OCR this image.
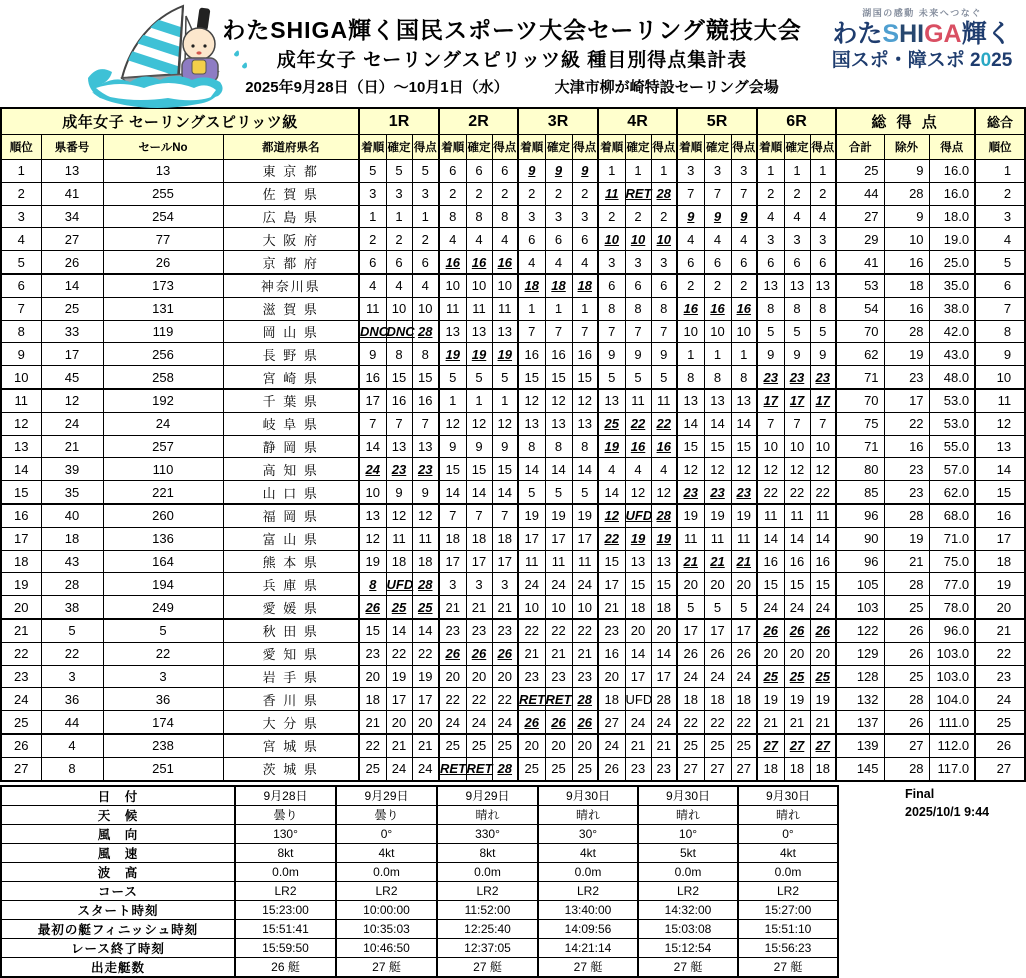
わたSHIGA輝く国民スポーツ大会セーリング競技大会
成年女子 セーリングスピリッツ級 種目別得点集計表
2025年9月28日（日）～10月1日（水）	大津市柳が崎特設セーリング会場
湖国の感動 未来へつなぐ
わたSHIGA輝く
国スポ・障スポ 2025
成年女子 セーリングスピリッツ級				1R			2R			3R			4R			5R			6R			総 得 点			総合
順位	県番号	セールNo	都道府県名	着順	確定	得点	着順	確定	得点	着順	確定	得点	着順	確定	得点	着順	確定	得点	着順	確定	得点	合計	除外	得点	順位
1	13	13	東 京 都	5	5	5	6	6	6	9	9	9	1	1	1	3	3	3	1	1	1	25	9	16.0	1
2	41	255	佐 賀 県	3	3	3	2	2	2	2	2	2	11	RET	28	7	7	7	2	2	2	44	28	16.0	2
3	34	254	広 島 県	1	1	1	8	8	8	3	3	3	2	2	2	9	9	9	4	4	4	27	9	18.0	3
4	27	77	大 阪 府	2	2	2	4	4	4	6	6	6	10	10	10	4	4	4	3	3	3	29	10	19.0	4
5	26	26	京 都 府	6	6	6	16	16	16	4	4	4	3	3	3	6	6	6	6	6	6	41	16	25.0	5
6	14	173	神奈川県	4	4	4	10	10	10	18	18	18	6	6	6	2	2	2	13	13	13	53	18	35.0	6
7	25	131	滋 賀 県	11	10	10	11	11	11	1	1	1	8	8	8	16	16	16	8	8	8	54	16	38.0	7
8	33	119	岡 山 県	DNC	DNC	28	13	13	13	7	7	7	7	7	7	10	10	10	5	5	5	70	28	42.0	8
9	17	256	長 野 県	9	8	8	19	19	19	16	16	16	9	9	9	1	1	1	9	9	9	62	19	43.0	9
10	45	258	宮 崎 県	16	15	15	5	5	5	15	15	15	5	5	5	8	8	8	23	23	23	71	23	48.0	10
11	12	192	千 葉 県	17	16	16	1	1	1	12	12	12	13	11	11	13	13	13	17	17	17	70	17	53.0	11
12	24	24	岐 阜 県	7	7	7	12	12	12	13	13	13	25	22	22	14	14	14	7	7	7	75	22	53.0	12
13	21	257	静 岡 県	14	13	13	9	9	9	8	8	8	19	16	16	15	15	15	10	10	10	71	16	55.0	13
14	39	110	高 知 県	24	23	23	15	15	15	14	14	14	4	4	4	12	12	12	12	12	12	80	23	57.0	14
15	35	221	山 口 県	10	9	9	14	14	14	5	5	5	14	12	12	23	23	23	22	22	22	85	23	62.0	15
16	40	260	福 岡 県	13	12	12	7	7	7	19	19	19	12	UFD	28	19	19	19	11	11	11	96	28	68.0	16
17	18	136	富 山 県	12	11	11	18	18	18	17	17	17	22	19	19	11	11	11	14	14	14	90	19	71.0	17
18	43	164	熊 本 県	19	18	18	17	17	17	11	11	11	15	13	13	21	21	21	16	16	16	96	21	75.0	18
19	28	194	兵 庫 県	8	UFD	28	3	3	3	24	24	24	17	15	15	20	20	20	15	15	15	105	28	77.0	19
20	38	249	愛 媛 県	26	25	25	21	21	21	10	10	10	21	18	18	5	5	5	24	24	24	103	25	78.0	20
21	5	5	秋 田 県	15	14	14	23	23	23	22	22	22	23	20	20	17	17	17	26	26	26	122	26	96.0	21
22	22	22	愛 知 県	23	22	22	26	26	26	21	21	21	16	14	14	26	26	26	20	20	20	129	26	103.0	22
23	3	3	岩 手 県	20	19	19	20	20	20	23	23	23	20	17	17	24	24	24	25	25	25	128	25	103.0	23
24	36	36	香 川 県	18	17	17	22	22	22	RET	RET	28	18	UFD	28	18	18	18	19	19	19	132	28	104.0	24
25	44	174	大 分 県	21	20	20	24	24	24	26	26	26	27	24	24	22	22	22	21	21	21	137	26	111.0	25
26	4	238	宮 城 県	22	21	21	25	25	25	20	20	20	24	21	21	25	25	25	27	27	27	139	27	112.0	26
27	8	251	茨 城 県	25	24	24	RET	RET	28	25	25	25	26	23	23	27	27	27	18	18	18	145	28	117.0	27
日　付	9月28日	9月29日	9月29日	9月30日	9月30日	9月30日
天　候	曇り	曇り	晴れ	晴れ	晴れ	晴れ
風　向	130°	0°	330°	30°	10°	0°
風　速	8kt	4kt	8kt	4kt	5kt	4kt
波　高	0.0m	0.0m	0.0m	0.0m	0.0m	0.0m
コース	LR2	LR2	LR2	LR2	LR2	LR2
スタート時刻	15:23:00	10:00:00	11:52:00	13:40:00	14:32:00	15:27:00
最初の艇フィニッシュ時刻	15:51:41	10:35:03	12:25:40	14:09:56	15:03:08	15:51:10
レース終了時刻	15:59:50	10:46:50	12:37:05	14:21:14	15:12:54	15:56:23
出走艇数	26 艇	27 艇	27 艇	27 艇	27 艇	27 艇
Final
2025/10/1 9:44
